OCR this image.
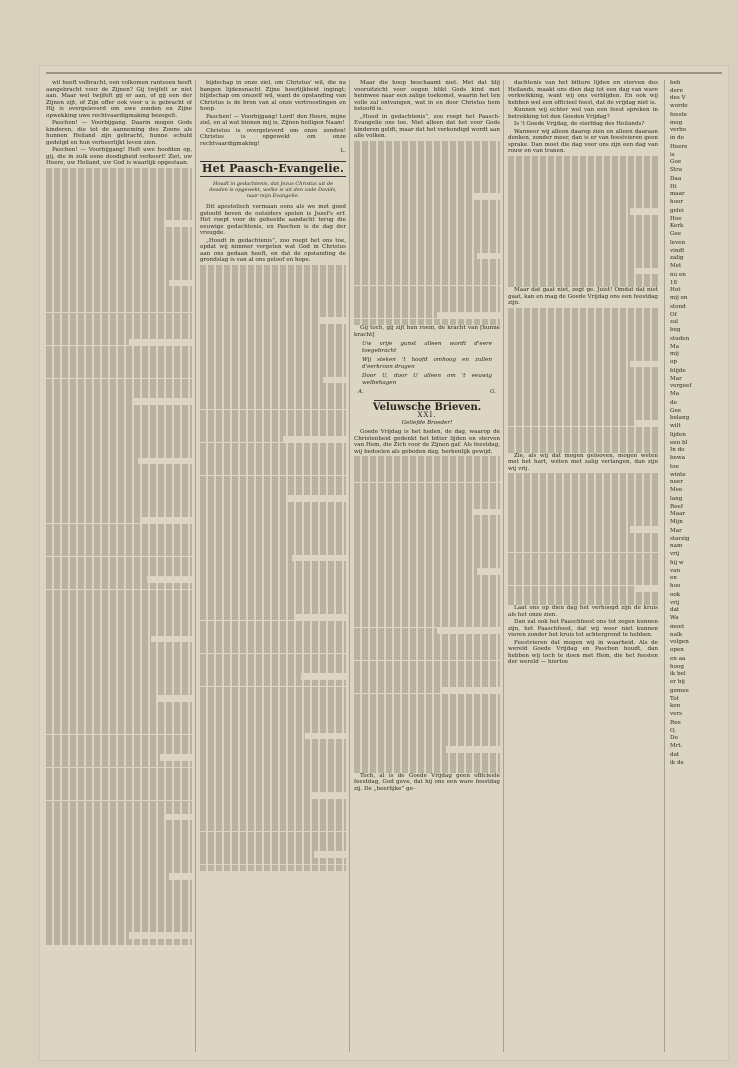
wil heeft volbracht, een volkomen rantsoen heeft aangebracht voor de Zijnen? Gij twijfelt er niet aan. Maar wel twijfelt gij er aan, of gij een der Zijnen zijt, of Zijn offer ook voor u is gebracht of Hij is overgeleverd om uwe zonden en Zijne opwekking uwe rechtvaardigmaking bezegelt.

Paschen! — Voorbijgang. Daarin mogen Gods kinderen, die tot de aanneming des Zoons als hunnen Heiland zijn gebracht, hunne schuld gedelgd en hun verheerlijkt leven zien.

Paschen! — Voorbijgang! Heft uwe hoofden op, gij, die in zulk eene doodigheid verkeert! Ziet, uw Heere, uw Heiland, uw God is waarlijk opgestaan.

bijdschap in onze ziel, om Christus' wil, die na bangen lijdensnacht Zijne heerlijkheid ingingt; blijdschap om onszelf wil, want de opstanding van Christus is de bron van al onze vertroostingen en hoop.

Paschen! — Voorbijgang! Lord! den Heere, mijne ziel, en al wat binnen mij is, Zijnen heiligen Naam!

Christus is overgeleverd om onze zonden! Christus is opgewekt om onze rechtvaardigmaking!

L.
Het Paasch-Evangelie.
Houdt in gedachtenis, dat Jezus Christus uit de dooden is opgewekt, welke is uit den zade Davids, naar mijn Evangelie.

Dit apostolisch vermaan eens als we met goed geloofd boven de outsiders spelen is Jozef's erf. Het roept voor de geheelde aandacht terug die eeuwige gedachtenis, en Paschen is de dag der vreugde.

„Houdt in gedachtenis”, zoo roept het ons toe, opdat wij nimmer vergeten wat God in Christus aan ons gedaan heeft, en dat de opstanding de grondslag is van al ons geloof en hope.

Maar die hoop beschaamt niet. Met dat blij vooruitzicht voor oogen blikt Gods kind met heimwee naar een zalige toekomst, waarin het ten volle zal ontvangen, wat in en door Christus hem beloofd is.

„Houd in gedachtenis”, zoo roept het Paasch-Evangelie ons toe. Niet alleen dat het voor Gods kinderen geldt, maar dat het verkondigd wordt aan alle volken.

Gij toch, gij zijt hun roem, de kracht van [hunne kracht]

Uw vrije gunst alleen wordt d'eere toegebracht
Wij steken 't hoofd omhoog en zullen d'eerkroon dragen
Door U, door U alleen om 't eeuwig welbehagen
A.	G.
Veluwsche Brieven.
XXI.
Geliefde Broeder!

Goede Vrijdag is het heden, de dag, waarop de Christenheid gedenkt het bitter lijden en sterven van Hem, die Zich voor de Zijnen gaf. Als feestdag, wij bedoelen als gebeden dag, herkenlijk gewijd.

Toch, al is de Goede Vrijdag geen officieele feestdag, God geve, dat hij ons een ware feestdag zij. De „heerlijke” ge-

dachtenis van het bittere lijden en sterven des Heilands, maakt ons dien dag tot een dag van ware verkwikking, want wij ons verblijden. En ook wij hebben wel een officieel feest, dat de vrijdag niet is.

Kunnen wij echter wel van een feest spreken in betrekking tot den Goeden Vrijdag?

Is 't Goede Vrijdag, de sterfdag des Heilands?

Wanneer wij alleen daarop zien en alleen daaraan denken, zonder meer, dan is er van feestvieren geen sprake. Dan moet die dag voor ons zijn een dag van rouw en van tranen.

Maar dat gaat niet, zegt ge. Juist! Omdat dat niet gaat, kan en mag de Goede Vrijdag ons een feestdag zijn.

Zie, als wij dat mogen gelooven, mogen weten met het hart, wéten met zalig verlangen, dan zijn wij vrij.

Laat ons op dien dag het verhoogd zijn de kruis als het onze zien.

Dan zal ook het Paaschfeest ons tot zegen kunnen zijn, het Paaschfeest, dat wij weer niet kunnen vieren zonder het kruis tot achtergrond te hebben.

Feestvieren dat mogen wij in waarheid. Als de wereld Goede Vrijdag en Paschen houdt, dan hebben wij toch te doen met Hem, die het feesten der wereld — hiertoe

beh
dere
des V
worde
feeste
mog
verbo
in de
Heere
is
Goe
Stra
Daa
Hi
maar
hoor
gelei
Hoe
Kerk
Gee
leven
vindt
zalig
Met
nu en
18
Hot
mij en
stond
Of
zal
beg
studen
Ma
mij
op
blijde
Mar
vergeef
Ma
de
Gee
belang
wilt
lijden
een bl
In do
bewa
toe
winte
neer
Mee
lang
Reef
Maar
Mijn
Mar
starzig
nam
vrij
hij w
van
en
hoo
ook
vrij
dat
Wa
moet
nalk
volgen
open
en aa
hoog
ik bel
er bij
gemee
Tot
ken
vers
Ree
O,
Do
Mrt.
dat
ik de
